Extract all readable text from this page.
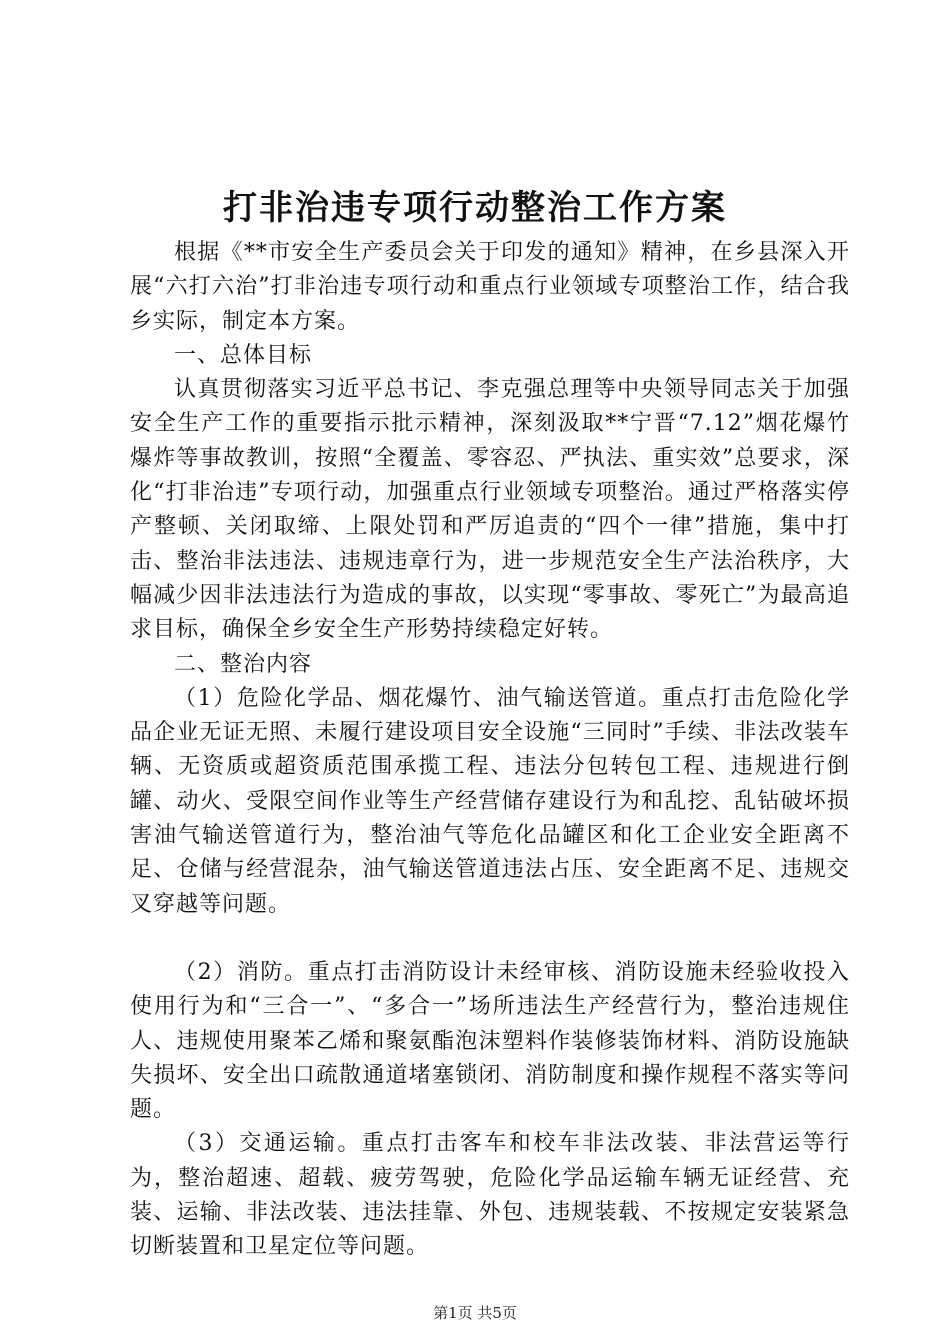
打非治违专项行动整治工作方案

根据《**市安全生产委员会关于印发的通知》精神，在乡县深入开展“六打六治”打非治违专项行动和重点行业领域专项整治工作，结合我乡实际，制定本方案。

一、总体目标

认真贯彻落实习近平总书记、李克强总理等中央领导同志关于加强安全生产工作的重要指示批示精神，深刻汲取**宁晋“7.12”烟花爆竹爆炸等事故教训，按照“全覆盖、零容忍、严执法、重实效”总要求，深化“打非治违”专项行动，加强重点行业领域专项整治。通过严格落实停产整顿、关闭取缔、上限处罚和严厉追责的“四个一律”措施，集中打击、整治非法违法、违规违章行为，进一步规范安全生产法治秩序，大幅减少因非法违法行为造成的事故，以实现“零事故、零死亡”为最高追求目标，确保全乡安全生产形势持续稳定好转。

二、整治内容

（1）危险化学品、烟花爆竹、油气输送管道。重点打击危险化学品企业无证无照、未履行建设项目安全设施“三同时”手续、非法改装车辆、无资质或超资质范围承揽工程、违法分包转包工程、违规进行倒罐、动火、受限空间作业等生产经营储存建设行为和乱挖、乱钻破坏损害油气输送管道行为，整治油气等危化品罐区和化工企业安全距离不足、仓储与经营混杂，油气输送管道违法占压、安全距离不足、违规交叉穿越等问题。

（2）消防。重点打击消防设计未经审核、消防设施未经验收投入使用行为和“三合一”、“多合一”场所违法生产经营行为，整治违规住人、违规使用聚苯乙烯和聚氨酯泡沫塑料作装修装饰材料、消防设施缺失损坏、安全出口疏散通道堵塞锁闭、消防制度和操作规程不落实等问题。

（3）交通运输。重点打击客车和校车非法改装、非法营运等行为，整治超速、超载、疲劳驾驶，危险化学品运输车辆无证经营、充装、运输、非法改装、违法挂靠、外包、违规装载、不按规定安装紧急切断装置和卫星定位等问题。

第1页 共5页
